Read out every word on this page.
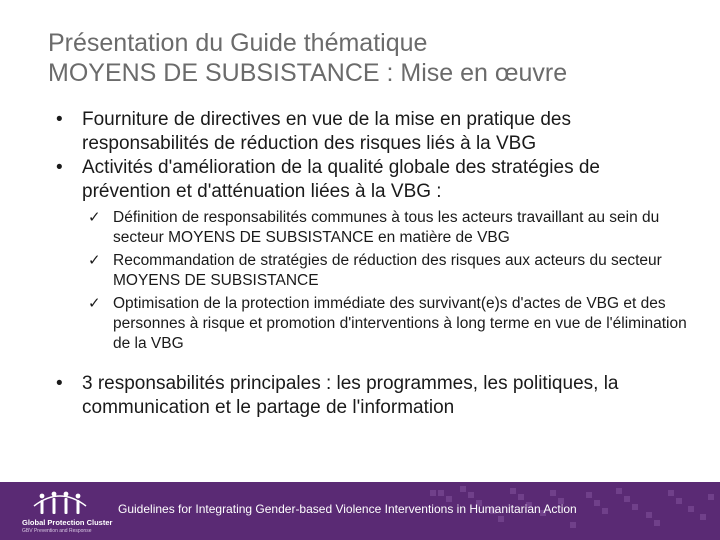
Présentation du Guide thématique
MOYENS DE SUBSISTANCE : Mise en œuvre
• Fourniture de directives en vue de la mise en pratique des responsabilités de réduction des risques liés à la VBG
• Activités d'amélioration de la qualité globale des stratégies de prévention et d'atténuation liées à la VBG :
✓ Définition de responsabilités communes à tous les acteurs travaillant au sein du secteur MOYENS DE SUBSISTANCE en matière de VBG
✓ Recommandation de stratégies de réduction des risques aux acteurs du secteur MOYENS DE SUBSISTANCE
✓ Optimisation de la protection immédiate des survivant(e)s d'actes de VBG et des personnes à risque et promotion d'interventions à long terme en vue de l'élimination de la VBG
• 3 responsabilités principales : les programmes, les politiques, la communication et le partage de l'information
Global Protection Cluster
GBV Prevention and Response
Guidelines for Integrating Gender-based Violence Interventions in Humanitarian Action
